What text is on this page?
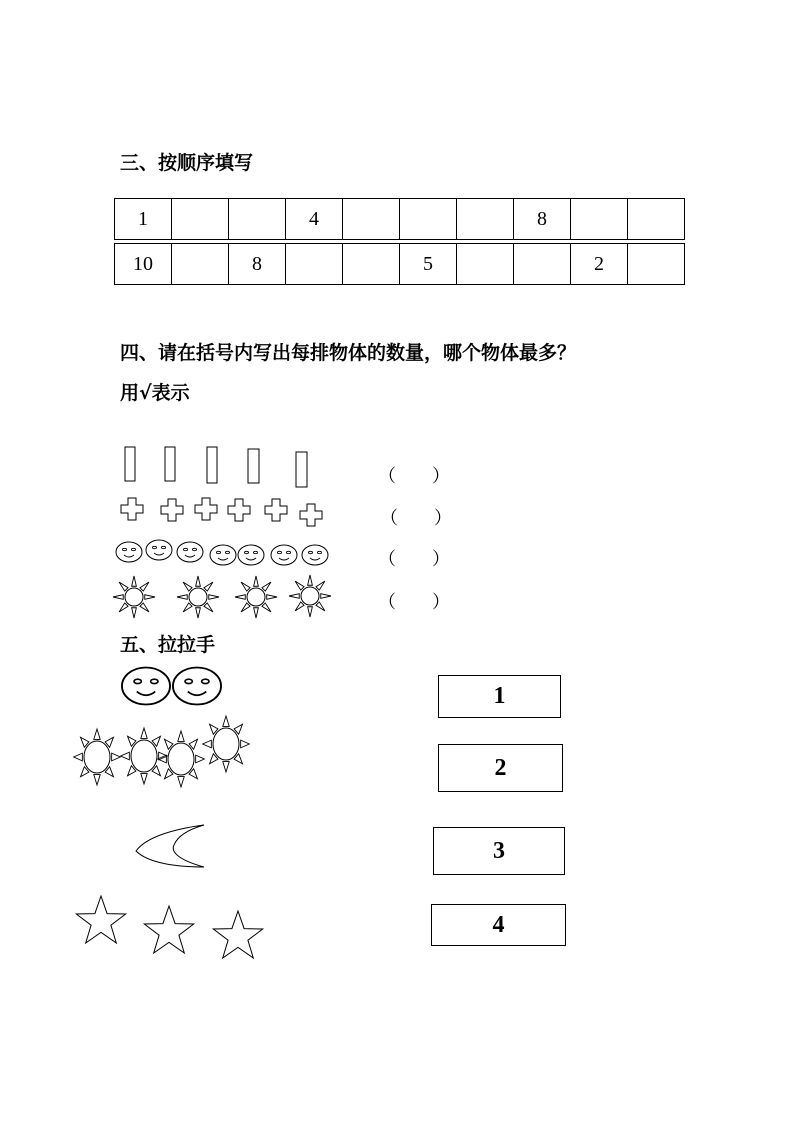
三、按顺序填写
1			4				8		
10		8			5			2	
四、请在括号内写出每排物体的数量，哪个物体最多？
用√表示
（　　）
（　　）
（　　）
（　　）
五、拉拉手
1
2
3
4
